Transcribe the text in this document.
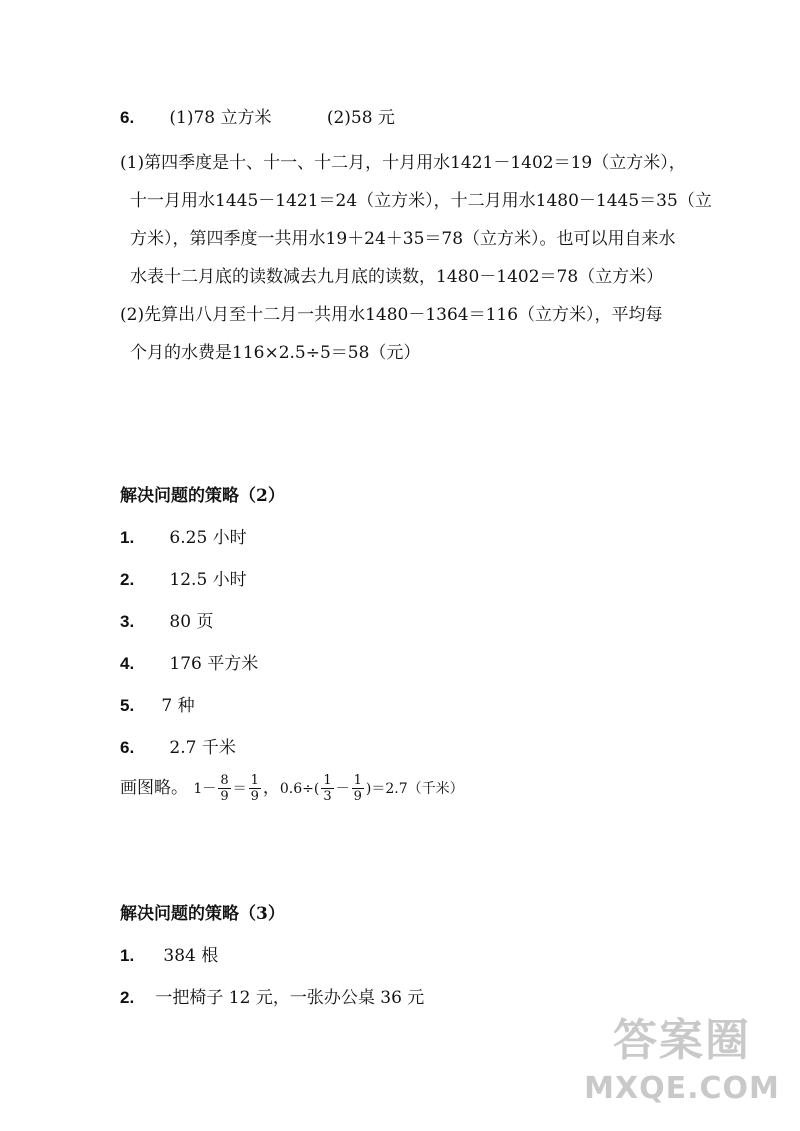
6. (1)78 立方米	(2)58 元
(1)第四季度是十、十一、十二月，十月用水1421－1402＝19（立方米），
十一月用水1445－1421＝24（立方米），十二月用水1480－1445＝35（立
方米），第四季度一共用水19＋24＋35＝78（立方米）。也可以用自来水
水表十二月底的读数减去九月底的读数，1480－1402＝78（立方米）
(2)先算出八月至十二月一共用水1480－1364＝116（立方米），平均每
个月的水费是116×2.5÷5＝58（元）
解决问题的策略（2）
1. 6.25 小时
2. 12.5 小时
3. 80 页
4. 176 平方米
5. 7 种
6. 2.7 千米
画图略。 $1- \frac{8}{9} = \frac{1}{9}$ ，$0.6\div( \frac{1}{3} - \frac{1}{9} )=2.7$（千米）
解决问题的策略（3）
1. 384 根
2. 一把椅子 12 元，一张办公桌 36 元
答案圈
MXQE.COM
